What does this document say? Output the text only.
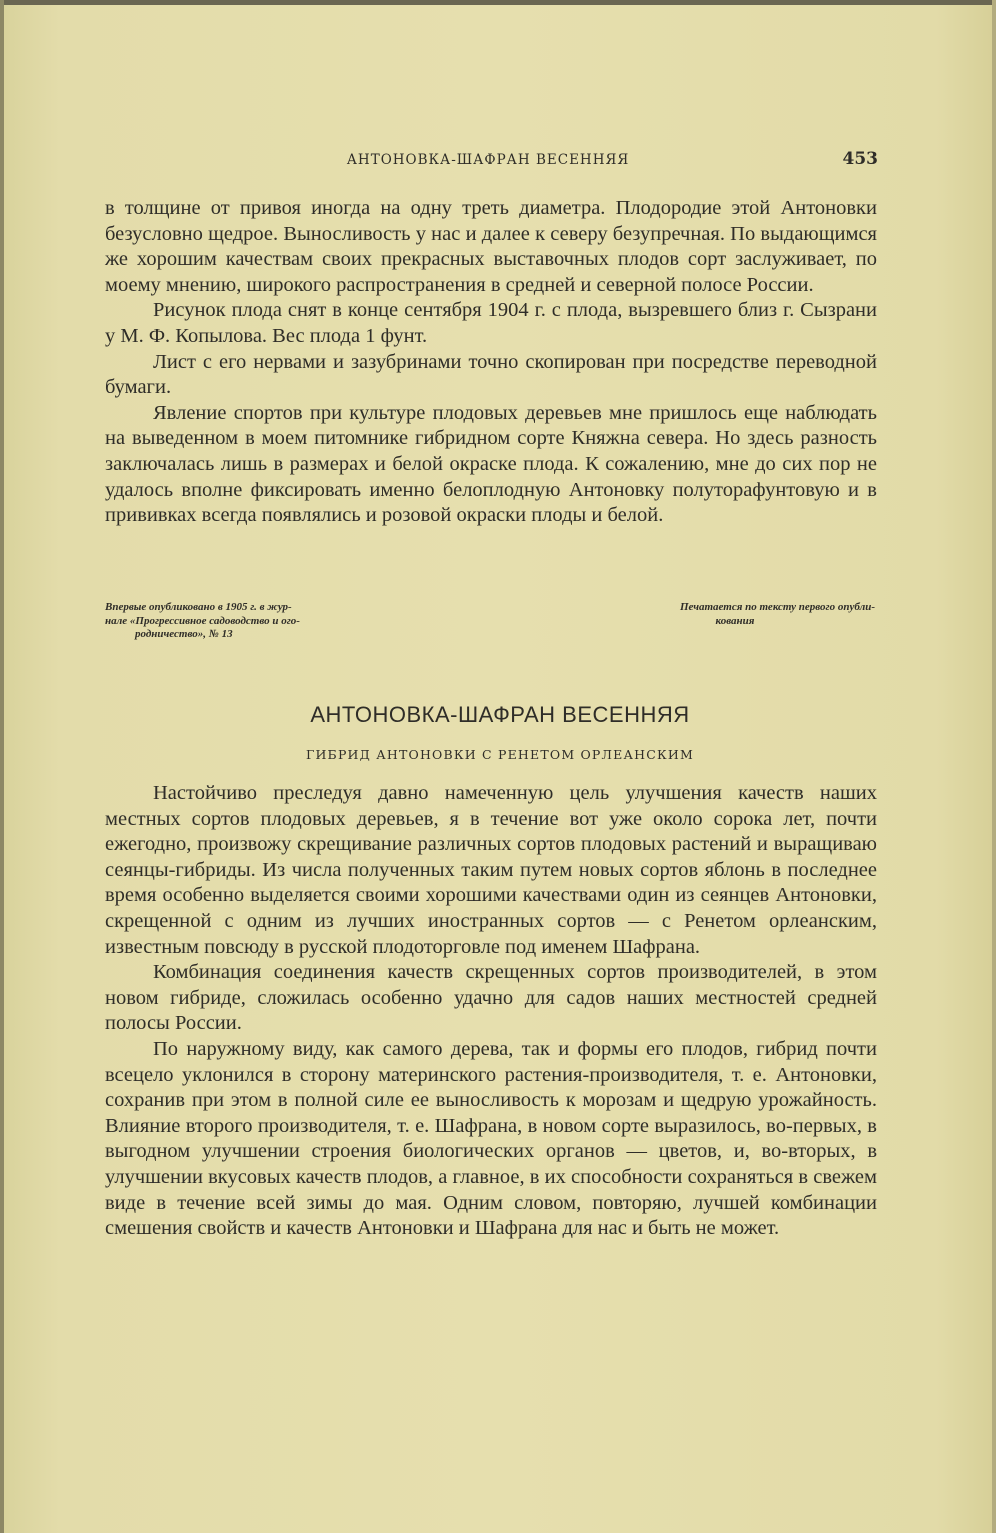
АНТОНОВКА-ШАФРАН ВЕСЕННЯЯ	453

в толщине от привоя иногда на одну треть диаметра. Плодородие этой Антоновки безусловно щедрое. Выносливость у нас и далее к северу безупречная. По выдающимся же хорошим качествам своих прекрасных выставочных плодов сорт заслуживает, по моему мнению, широкого распространения в средней и северной полосе России.

Рисунок плода снят в конце сентября 1904 г. с плода, вызревшего близ г. Сызрани у М. Ф. Копылова. Вес плода 1 фунт.

Лист с его нервами и зазубринами точно скопирован при посредстве переводной бумаги.

Явление спортов при культуре плодовых деревьев мне пришлось еще наблюдать на выведенном в моем питомнике гибридном сорте Княжна севера. Но здесь разность заключалась лишь в размерах и белой окраске плода. К сожалению, мне до сих пор не удалось вполне фиксировать именно белоплодную Антоновку полуторафунтовую и в прививках всегда появлялись и розовой окраски плоды и белой.

Впервые опубликовано в 1905 г. в жур-
нале «Прогрессивное садоводство и ого-
родничество», № 13
Печатается по тексту первого опубли-
кования
АНТОНОВКА-ШАФРАН ВЕСЕННЯЯ
ГИБРИД АНТОНОВКИ С РЕНЕТОМ ОРЛЕАНСКИМ

Настойчиво преследуя давно намеченную цель улучшения качеств наших местных сортов плодовых деревьев, я в течение вот уже около сорока лет, почти ежегодно, произвожу скрещивание различных сортов плодовых растений и выращиваю сеянцы-гибриды. Из числа полученных таким путем новых сортов яблонь в последнее время особенно выделяется своими хорошими качествами один из сеянцев Антоновки, скрещенной с одним из лучших иностранных сортов — с Ренетом орлеанским, известным повсюду в русской плодоторговле под именем Шафрана.

Комбинация соединения качеств скрещенных сортов производителей, в этом новом гибриде, сложилась особенно удачно для садов наших местностей средней полосы России.

По наружному виду, как самого дерева, так и формы его плодов, гибрид почти всецело уклонился в сторону материнского растения-производителя, т. е. Антоновки, сохранив при этом в полной силе ее выносливость к морозам и щедрую урожайность. Влияние второго производителя, т. е. Шафрана, в новом сорте выразилось, во-первых, в выгодном улучшении строения биологических органов — цветов, и, во-вторых, в улучшении вкусовых качеств плодов, а главное, в их способности сохраняться в свежем виде в течение всей зимы до мая. Одним словом, повторяю, лучшей комбинации смешения свойств и качеств Антоновки и Шафрана для нас и быть не может.
